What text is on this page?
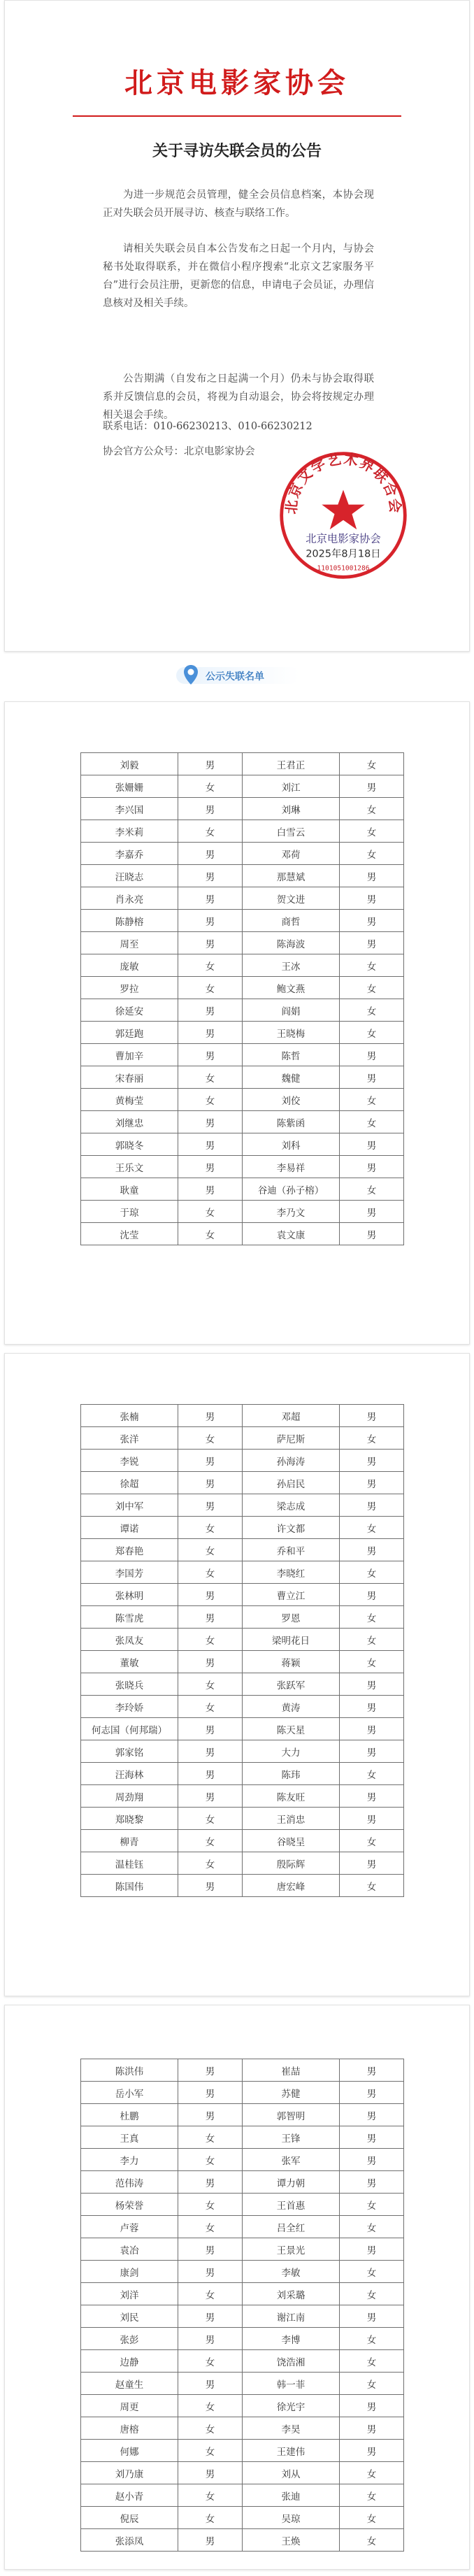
北京电影家协会
关于寻访失联会员的公告

为进一步规范会员管理，健全会员信息档案，本协会现正对失联会员开展寻访、核查与联络工作。

请相关失联会员自本公告发布之日起一个月内，与协会秘书处取得联系，并在微信小程序搜索“北京文艺家服务平台”进行会员注册，更新您的信息，申请电子会员证，办理信息核对及相关手续。

公告期满（自发布之日起满一个月）仍未与协会取得联系并反馈信息的会员，将视为自动退会，协会将按规定办理相关退会手续。

联系电话：010-66230213、010-66230212
协会官方公众号：北京电影家协会
北京文学艺术界联合会
北京电影家协会
2025年8月18日
1101051001286
公示失联名单
刘毅	男	王君正	女
张姗姗	女	刘江	男
李兴国	男	刘琳	女
李米莉	女	白雪云	女
李嘉乔	男	邓荷	女
汪晓志	男	那慧斌	男
肖永亮	男	贺文进	男
陈静榕	男	商哲	男
周至	男	陈海波	男
庞敏	女	王冰	女
罗拉	女	鲍文燕	女
徐延安	男	阎娟	女
郭廷跑	男	王晓梅	女
曹加辛	男	陈哲	男
宋春丽	女	魏健	男
黄梅莹	女	刘佼	女
刘继忠	男	陈紫函	女
郭晓冬	男	刘科	男
王乐文	男	李易祥	男
耿童	男	谷迪（孙子榕）	女
于琼	女	李乃文	男
沈莹	女	袁文康	男
张楠	男	邓超	男
张洋	女	萨尼斯	女
李锐	男	孙海涛	男
徐超	男	孙启民	男
刘中军	男	梁志成	男
谭诺	女	许文都	女
郑春艳	女	乔和平	男
李国芳	女	李晓红	女
张林明	男	曹立江	男
陈雪虎	男	罗恩	女
张凤友	女	梁明花日	女
董敏	男	蒋颖	女
张晓兵	女	张跃军	男
李玲娇	女	黄涛	男
何志国（何邦瑞）	男	陈天星	男
郭家铭	男	大力	男
汪海林	男	陈玮	女
周劲翔	男	陈友旺	男
郑晓黎	女	王消忠	男
柳青	女	谷晓呈	女
温桂钰	女	殷际辉	男
陈国伟	男	唐宏峰	女
陈洪伟	男	崔喆	男
岳小军	男	苏健	男
杜鹏	男	郭智明	男
王真	女	王锋	男
李力	女	张军	男
范伟涛	男	谭力朝	男
杨荣誉	女	王首惠	女
卢蓉	女	吕全红	女
袁冶	男	王景光	男
康剑	男	李敏	女
刘洋	女	刘采璐	女
刘民	男	谢江南	男
张彭	男	李博	女
边静	女	饶浩湘	女
赵童生	男	韩一菲	女
周更	女	徐光宇	男
唐榕	女	李昊	男
何娜	女	王建伟	男
刘乃康	男	刘从	女
赵小青	女	张迪	女
倪辰	女	吴琼	女
张添凤	男	王焕	女
